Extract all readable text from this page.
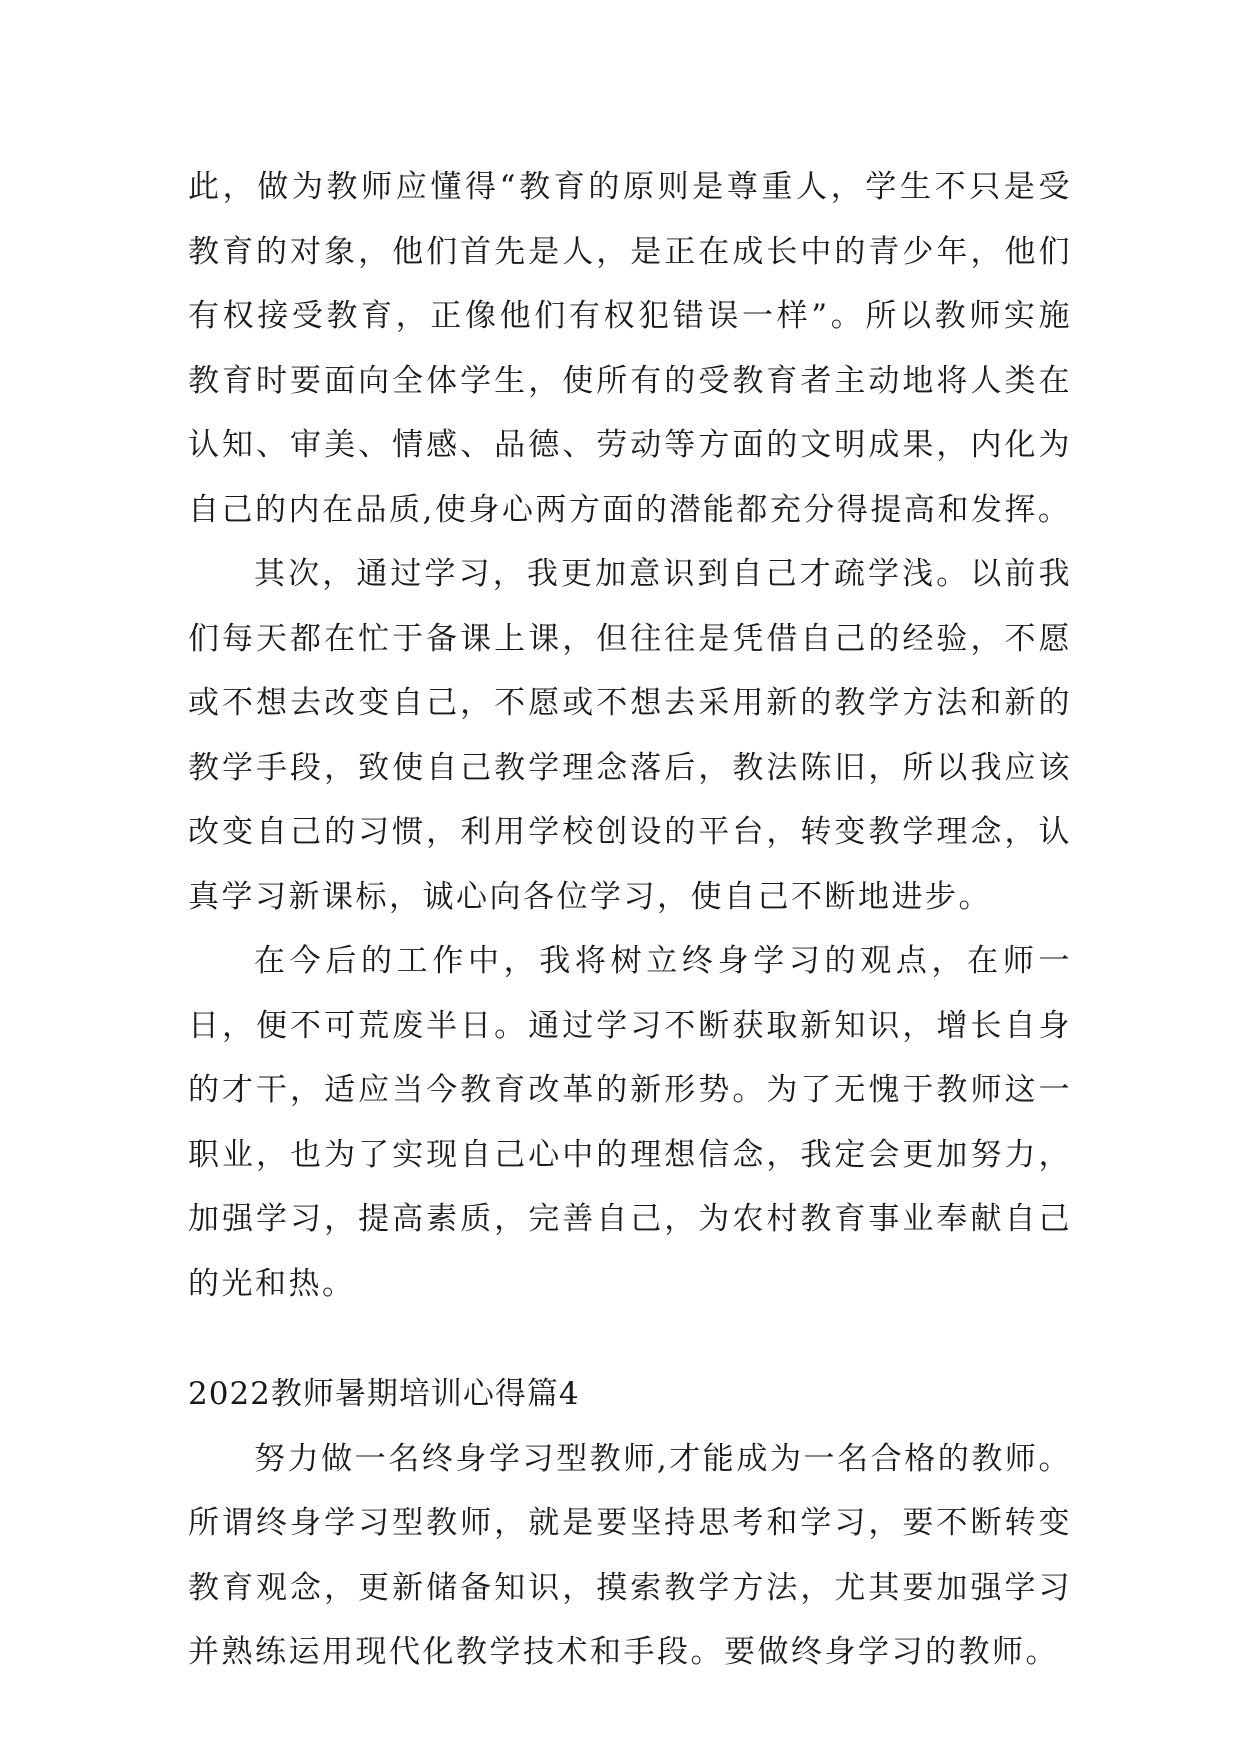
此，做为教师应懂得“教育的原则是尊重人，学生不只是受教育的对象，他们首先是人，是正在成长中的青少年，他们有权接受教育，正像他们有权犯错误一样”。所以教师实施教育时要面向全体学生，使所有的受教育者主动地将人类在认知、审美、情感、品德、劳动等方面的文明成果，内化为自己的内在品质,使身心两方面的潜能都充分得提高和发挥。

其次，通过学习，我更加意识到自己才疏学浅。以前我们每天都在忙于备课上课，但往往是凭借自己的经验，不愿或不想去改变自己，不愿或不想去采用新的教学方法和新的教学手段，致使自己教学理念落后，教法陈旧，所以我应该改变自己的习惯，利用学校创设的平台，转变教学理念，认真学习新课标，诚心向各位学习，使自己不断地进步。

在今后的工作中，我将树立终身学习的观点，在师一日，便不可荒废半日。通过学习不断获取新知识，增长自身的才干，适应当今教育改革的新形势。为了无愧于教师这一职业，也为了实现自己心中的理想信念，我定会更加努力，加强学习，提高素质，完善自己，为农村教育事业奉献自己的光和热。

2022教师暑期培训心得篇4

努力做一名终身学习型教师,才能成为一名合格的教师。所谓终身学习型教师，就是要坚持思考和学习，要不断转变教育观念，更新储备知识，摸索教学方法，尤其要加强学习并熟练运用现代化教学技术和手段。要做终身学习的教师。
